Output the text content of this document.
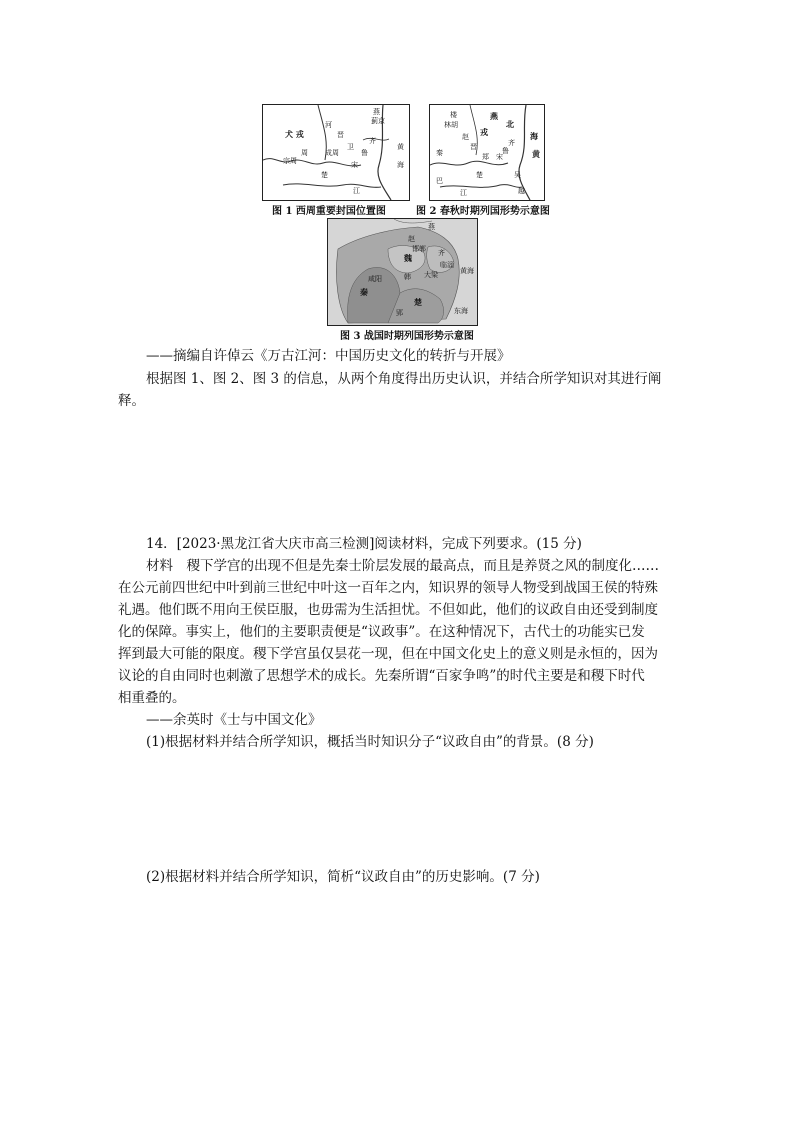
燕
蓟京
河
犬 戎	晋
齐
黄
海
周
宗周
成周
楚
江
鲁
宋
卫
图 1 西周重要封国位置图
楼
林胡
燕
北
戎
赵	海
秦
晋
郑 宋
齐
鲁	黄
巴
楚	吴
越
江
图 2 春秋时期列国形势示意图
燕
赵
齐
魏
韩
秦
楚
黄海
东海
咸阳	大梁
临淄
郢
邯郸
图 3 战国时期列国形势示意图
——摘编自许倬云《万古江河：中国历史文化的转折与开展》
根据图 1、图 2、图 3 的信息，从两个角度得出历史认识，并结合所学知识对其进行阐
释。
14．[2023·黑龙江省大庆市高三检测]阅读材料，完成下列要求。(15 分)
材料　稷下学宫的出现不但是先秦士阶层发展的最高点，而且是养贤之风的制度化……
在公元前四世纪中叶到前三世纪中叶这一百年之内，知识界的领导人物受到战国王侯的特殊
礼遇。他们既不用向王侯臣服，也毋需为生活担忧。不但如此，他们的议政自由还受到制度
化的保障。事实上，他们的主要职责便是“议政事”。在这种情况下，古代士的功能实已发
挥到最大可能的限度。稷下学宫虽仅昙花一现，但在中国文化史上的意义则是永恒的，因为
议论的自由同时也刺激了思想学术的成长。先秦所谓“百家争鸣”的时代主要是和稷下时代
相重叠的。
——余英时《士与中国文化》
(1)根据材料并结合所学知识，概括当时知识分子“议政自由”的背景。(8 分)
(2)根据材料并结合所学知识，简析“议政自由”的历史影响。(7 分)
